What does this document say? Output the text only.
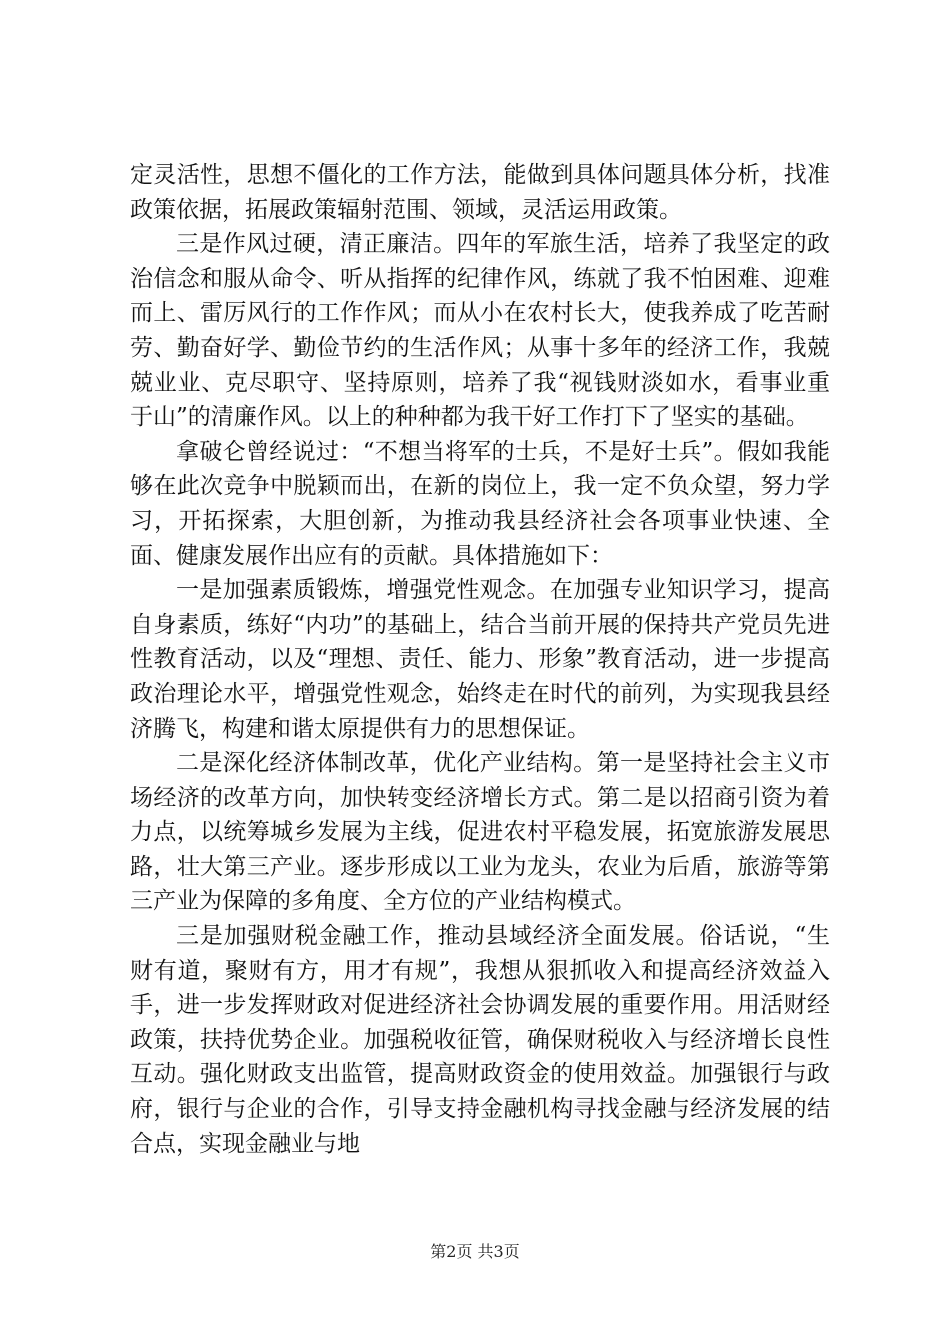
定灵活性，思想不僵化的工作方法，能做到具体问题具体分析，找准政策依据，拓展政策辐射范围、领域，灵活运用政策。

三是作风过硬，清正廉洁。四年的军旅生活，培养了我坚定的政治信念和服从命令、听从指挥的纪律作风，练就了我不怕困难、迎难而上、雷厉风行的工作作风；而从小在农村长大，使我养成了吃苦耐劳、勤奋好学、勤俭节约的生活作风；从事十多年的经济工作，我兢兢业业、克尽职守、坚持原则，培养了我“视钱财淡如水，看事业重于山”的清廉作风。以上的种种都为我干好工作打下了坚实的基础。

拿破仑曾经说过：“不想当将军的士兵，不是好士兵”。假如我能够在此次竞争中脱颖而出，在新的岗位上，我一定不负众望，努力学习，开拓探索，大胆创新，为推动我县经济社会各项事业快速、全面、健康发展作出应有的贡献。具体措施如下：

一是加强素质锻炼，增强党性观念。在加强专业知识学习，提高自身素质，练好“内功”的基础上，结合当前开展的保持共产党员先进性教育活动，以及“理想、责任、能力、形象”教育活动，进一步提高政治理论水平，增强党性观念，始终走在时代的前列，为实现我县经济腾飞，构建和谐太原提供有力的思想保证。

二是深化经济体制改革，优化产业结构。第一是坚持社会主义市场经济的改革方向，加快转变经济增长方式。第二是以招商引资为着力点，以统筹城乡发展为主线，促进农村平稳发展，拓宽旅游发展思路，壮大第三产业。逐步形成以工业为龙头，农业为后盾，旅游等第三产业为保障的多角度、全方位的产业结构模式。

三是加强财税金融工作，推动县域经济全面发展。俗话说，“生财有道，聚财有方，用才有规”，我想从狠抓收入和提高经济效益入手，进一步发挥财政对促进经济社会协调发展的重要作用。用活财经政策，扶持优势企业。加强税收征管，确保财税收入与经济增长良性互动。强化财政支出监管，提高财政资金的使用效益。加强银行与政府，银行与企业的合作，引导支持金融机构寻找金融与经济发展的结合点，实现金融业与地

第2页 共3页
